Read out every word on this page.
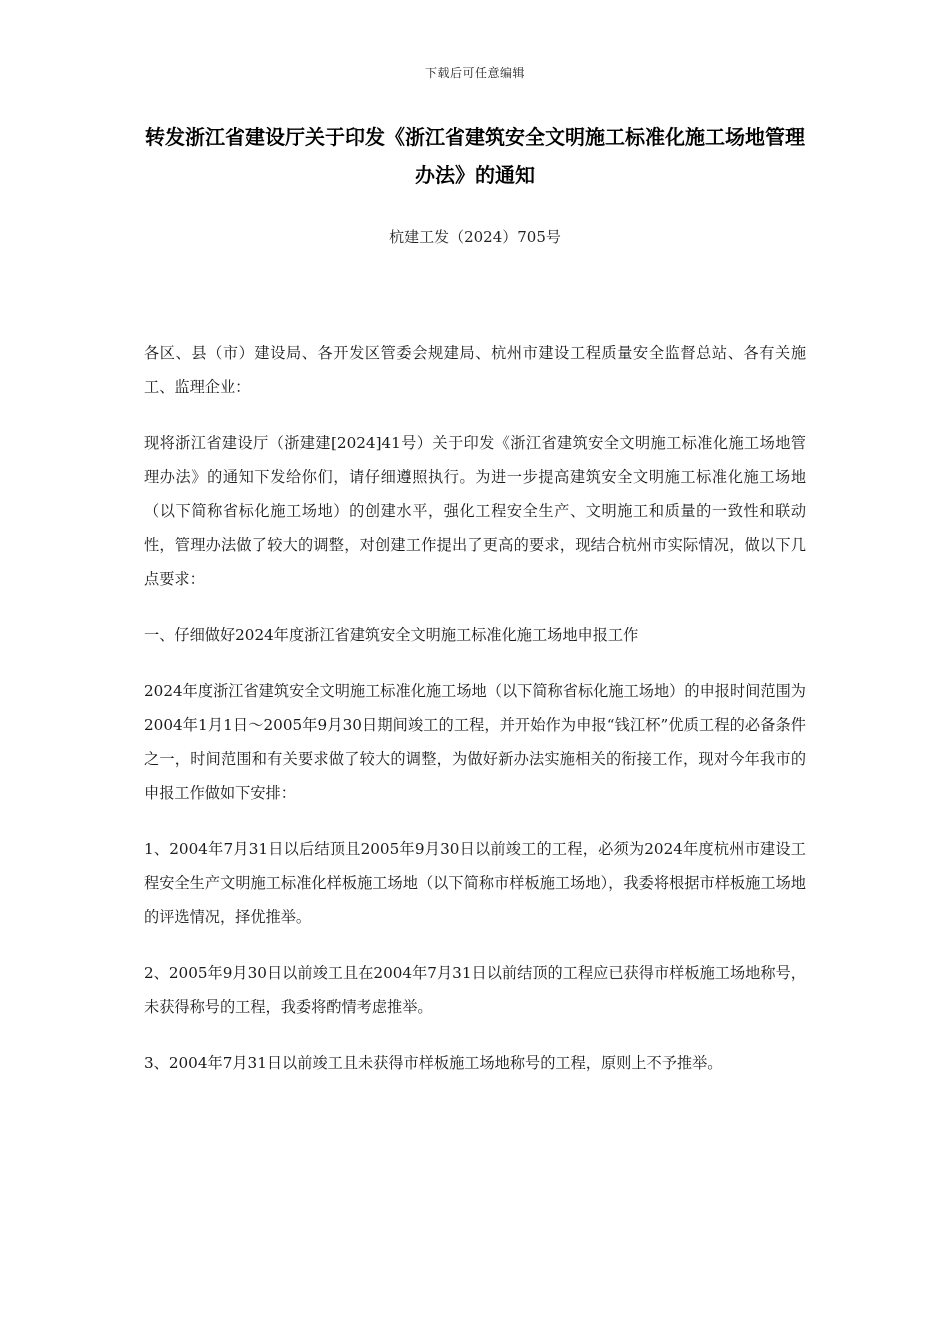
下载后可任意编辑
转发浙江省建设厅关于印发《浙江省建筑安全文明施工标准化施工场地管理办法》的通知
杭建工发（2024）705号

各区、县（市）建设局、各开发区管委会规建局、杭州市建设工程质量安全监督总站、各有关施工、监理企业：

现将浙江省建设厅（浙建建[2024]41号）关于印发《浙江省建筑安全文明施工标准化施工场地管理办法》的通知下发给你们，请仔细遵照执行。为进一步提高建筑安全文明施工标准化施工场地（以下简称省标化施工场地）的创建水平，强化工程安全生产、文明施工和质量的一致性和联动性，管理办法做了较大的调整，对创建工作提出了更高的要求，现结合杭州市实际情况，做以下几点要求：

一、仔细做好2024年度浙江省建筑安全文明施工标准化施工场地申报工作

2024年度浙江省建筑安全文明施工标准化施工场地（以下简称省标化施工场地）的申报时间范围为2004年1月1日～2005年9月30日期间竣工的工程，并开始作为申报“钱江杯”优质工程的必备条件之一，时间范围和有关要求做了较大的调整，为做好新办法实施相关的衔接工作，现对今年我市的申报工作做如下安排：

1、2004年7月31日以后结顶且2005年9月30日以前竣工的工程，必须为2024年度杭州市建设工程安全生产文明施工标准化样板施工场地（以下简称市样板施工场地），我委将根据市样板施工场地的评选情况，择优推举。

2、2005年9月30日以前竣工且在2004年7月31日以前结顶的工程应已获得市样板施工场地称号，未获得称号的工程，我委将酌情考虑推举。

3、2004年7月31日以前竣工且未获得市样板施工场地称号的工程，原则上不予推举。
